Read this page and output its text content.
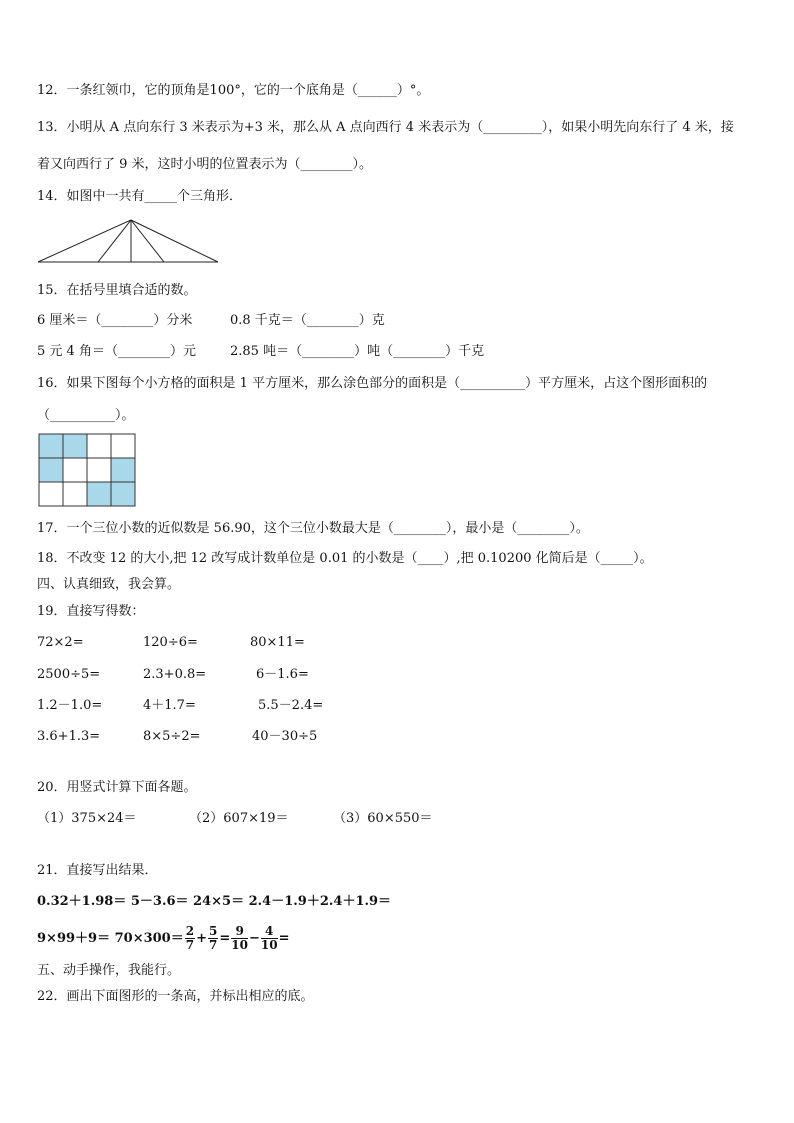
12．一条红领巾，它的顶角是100°，它的一个底角是（______）°。
13．小明从 A 点向东行 3 米表示为+3 米，那么从 A 点向西行 4 米表示为（_________），如果小明先向东行了 4 米，接
着又向西行了 9 米，这时小明的位置表示为（________）。
14．如图中一共有_____个三角形．
15．在括号里填合适的数。
6 厘米＝（________）分米	0.8 千克＝（________）克
5 元 4 角＝（________）元	2.85 吨＝（________）吨（________）千克
16．如果下图每个小方格的面积是 1 平方厘米，那么涂色部分的面积是（__________）平方厘米，占这个图形面积的
（__________）。
17．一个三位小数的近似数是 56.90，这个三位小数最大是（________），最小是（________）。
18．不改变 12 的大小,把 12 改写成计数单位是 0.01 的小数是（____）,把 0.10200 化简后是（_____）。
四、认真细致，我会算。
19．直接写得数：
72×2=	120÷6=	80×11=
2500÷5=	2.3+0.8=	6－1.6=
1.2－1.0=	4＋1.7=	5.5－2.4=
3.6+1.3=	8×5÷2=	40－30÷5
20．用竖式计算下面各题。
（1）375×24＝	（2）607×19＝	（3）60×550＝
21．直接写出结果．
0.32＋1.98＝ 5－3.6＝ 24×5＝ 2.4－1.9＋2.4＋1.9＝
$9\times 99+9= 70\times 300= \frac{2}{7} + \frac{5}{7} = \frac{9}{10} - \frac{4}{10}$ =
五、动手操作，我能行。
22．画出下面图形的一条高，并标出相应的底。
